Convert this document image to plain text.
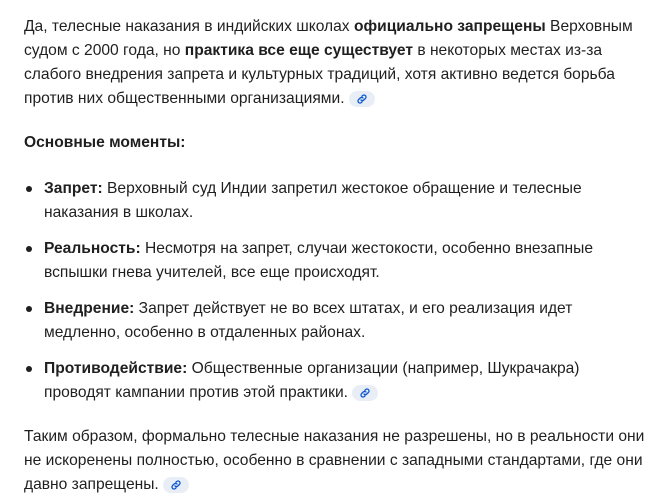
Да, телесные наказания в индийских школах официально запрещены Верховным судом с 2000 года, но практика все еще существует в некоторых местах из-за слабого внедрения запрета и культурных традиций, хотя активно ведется борьба против них общественными организациями.

Основные моменты:

Запрет: Верховный суд Индии запретил жестокое обращение и телесные наказания в школах.
Реальность: Несмотря на запрет, случаи жестокости, особенно внезапные вспышки гнева учителей, все еще происходят.
Внедрение: Запрет действует не во всех штатах, и его реализация идет медленно, особенно в отдаленных районах.
Противодействие: Общественные организации (например, Шукрачакра) проводят кампании против этой практики.

Таким образом, формально телесные наказания не разрешены, но в реальности они не искоренены полностью, особенно в сравнении с западными стандартами, где они давно запрещены.
